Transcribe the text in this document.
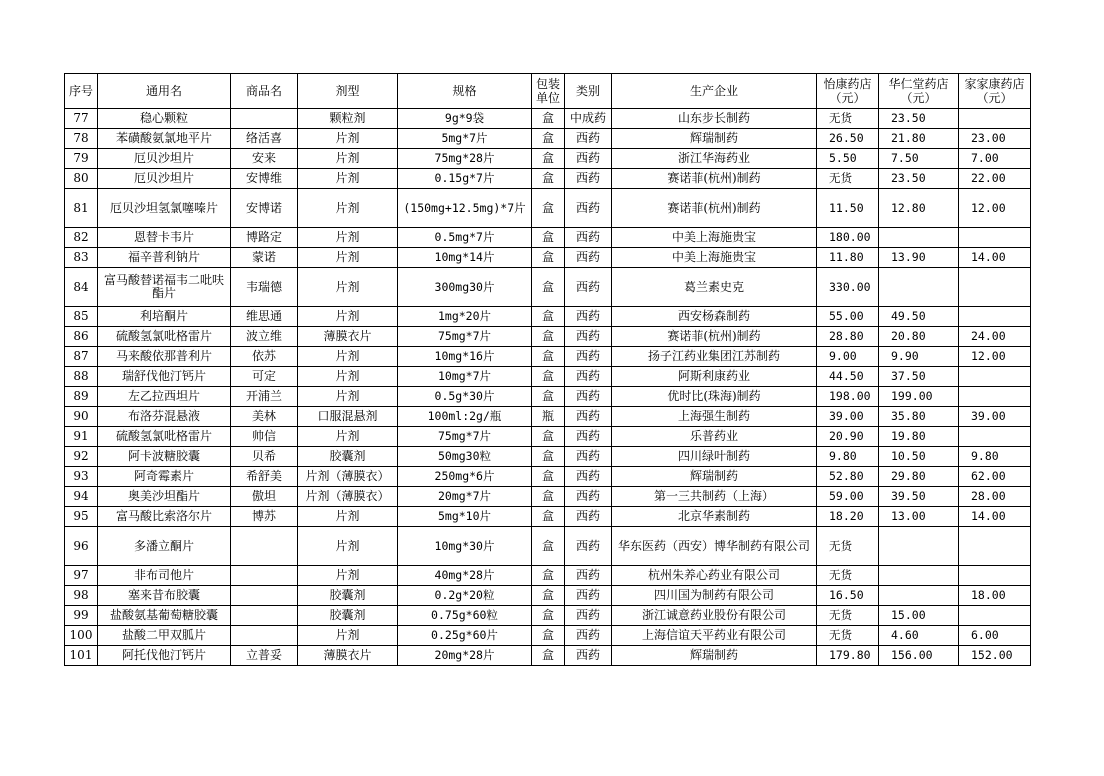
序号	通用名	商品名	剂型	规格	包装单位	类别	生产企业	怡康药店（元）	华仁堂药店（元）	家家康药店（元）
77	稳心颗粒		颗粒剂	9g*9袋	盒	中成药	山东步长制药	无货	23.50	
78	苯磺酸氨氯地平片	络活喜	片剂	5mg*7片	盒	西药	辉瑞制药	26.50	21.80	23.00
79	厄贝沙坦片	安来	片剂	75mg*28片	盒	西药	浙江华海药业	5.50	7.50	7.00
80	厄贝沙坦片	安博维	片剂	0.15g*7片	盒	西药	赛诺菲(杭州)制药	无货	23.50	22.00
81	厄贝沙坦氢氯噻嗪片	安博诺	片剂	(150mg+12.5mg)*7片	盒	西药	赛诺菲(杭州)制药	11.50	12.80	12.00
82	恩替卡韦片	博路定	片剂	0.5mg*7片	盒	西药	中美上海施贵宝	180.00		
83	福辛普利钠片	蒙诺	片剂	10mg*14片	盒	西药	中美上海施贵宝	11.80	13.90	14.00
84	富马酸替诺福韦二吡呋酯片	韦瑞德	片剂	300mg30片	盒	西药	葛兰素史克	330.00		
85	利培酮片	维思通	片剂	1mg*20片	盒	西药	西安杨森制药	55.00	49.50	
86	硫酸氢氯吡格雷片	波立维	薄膜衣片	75mg*7片	盒	西药	赛诺菲(杭州)制药	28.80	20.80	24.00
87	马来酸依那普利片	依苏	片剂	10mg*16片	盒	西药	扬子江药业集团江苏制药	9.00	9.90	12.00
88	瑞舒伐他汀钙片	可定	片剂	10mg*7片	盒	西药	阿斯利康药业	44.50	37.50	
89	左乙拉西坦片	开浦兰	片剂	0.5g*30片	盒	西药	优时比(珠海)制药	198.00	199.00	
90	布洛芬混悬液	美林	口服混悬剂	100ml:2g/瓶	瓶	西药	上海强生制药	39.00	35.80	39.00
91	硫酸氢氯吡格雷片	帅信	片剂	75mg*7片	盒	西药	乐普药业	20.90	19.80	
92	阿卡波糖胶囊	贝希	胶囊剂	50mg30粒	盒	西药	四川绿叶制药	9.80	10.50	9.80
93	阿奇霉素片	希舒美	片剂（薄膜衣）	250mg*6片	盒	西药	辉瑞制药	52.80	29.80	62.00
94	奥美沙坦酯片	傲坦	片剂（薄膜衣）	20mg*7片	盒	西药	第一三共制药（上海）	59.00	39.50	28.00
95	富马酸比索洛尔片	博苏	片剂	5mg*10片	盒	西药	北京华素制药	18.20	13.00	14.00
96	多潘立酮片		片剂	10mg*30片	盒	西药	华东医药（西安）博华制药有限公司	无货		
97	非布司他片		片剂	40mg*28片	盒	西药	杭州朱养心药业有限公司	无货		
98	塞来昔布胶囊		胶囊剂	0.2g*20粒	盒	西药	四川国为制药有限公司	16.50		18.00
99	盐酸氨基葡萄糖胶囊		胶囊剂	0.75g*60粒	盒	西药	浙江诚意药业股份有限公司	无货	15.00	
100	盐酸二甲双胍片		片剂	0.25g*60片	盒	西药	上海信谊天平药业有限公司	无货	4.60	6.00
101	阿托伐他汀钙片	立普妥	薄膜衣片	20mg*28片	盒	西药	辉瑞制药	179.80	156.00	152.00
